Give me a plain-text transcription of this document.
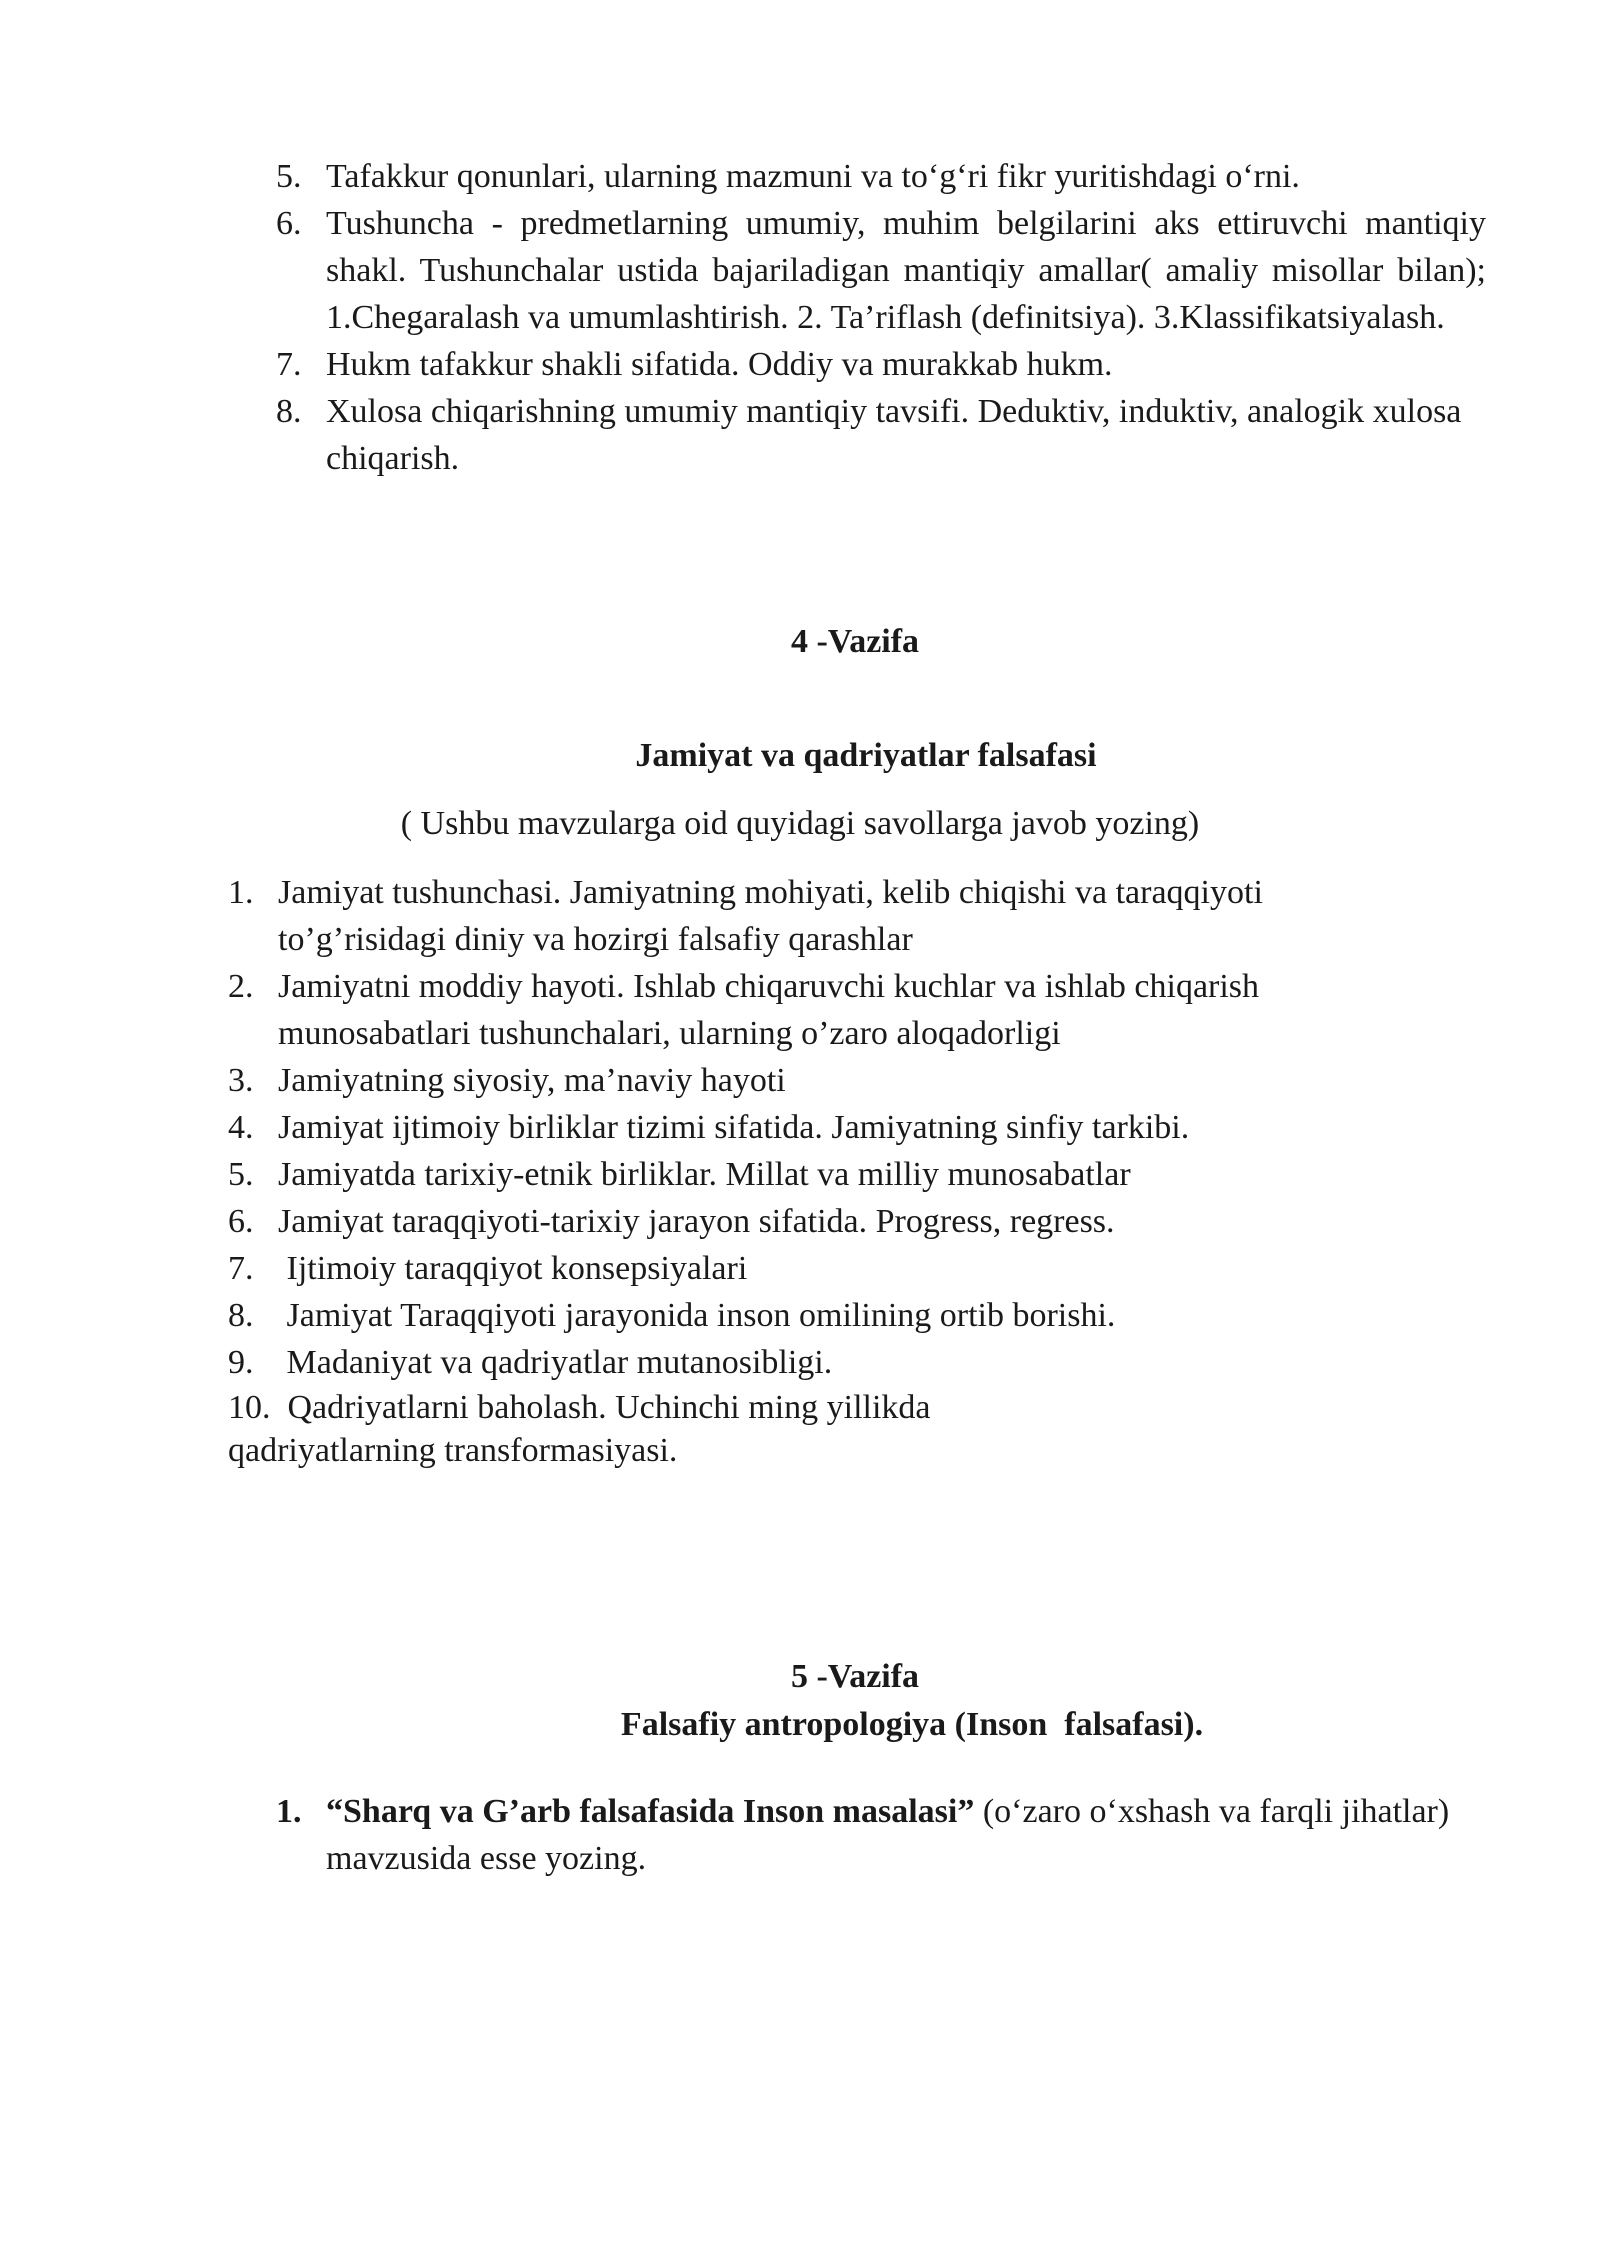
5. Tafakkur qonunlari, ularning mazmuni va to‘g‘ri fikr yuritishdagi o‘rni.
6. Tushuncha - predmetlarning umumiy, muhim belgilarini aks ettiruvchi mantiqiy shakl. Tushunchalar ustida bajariladigan mantiqiy amallar( amaliy misollar bilan); 1.Chegaralash va umumlashtirish. 2. Ta’riflash (definitsiya). 3.Klassifikatsiyalash.
7. Hukm tafakkur shakli sifatida. Oddiy va murakkab hukm.
8. Xulosa chiqarishning umumiy mantiqiy tavsifi. Deduktiv, induktiv, analogik xulosa chiqarish.

4 -Vazifa

Jamiyat va qadriyatlar falsafasi

( Ushbu mavzularga oid quyidagi savollarga javob yozing)

1. Jamiyat tushunchasi. Jamiyatning mohiyati, kelib chiqishi va taraqqiyoti to’g’risidagi diniy va hozirgi falsafiy qarashlar
2. Jamiyatni moddiy hayoti. Ishlab chiqaruvchi kuchlar va ishlab chiqarish munosabatlari tushunchalari, ularning o’zaro aloqadorligi
3. Jamiyatning siyosiy, ma’naviy hayoti
4. Jamiyat ijtimoiy birliklar tizimi sifatida. Jamiyatning sinfiy tarkibi.
5. Jamiyatda tarixiy-etnik birliklar. Millat va milliy munosabatlar
6. Jamiyat taraqqiyoti-tarixiy jarayon sifatida. Progress, regress.
7. Ijtimoiy taraqqiyot konsepsiyalari
8. Jamiyat Taraqqiyoti jarayonida inson omilining ortib borishi.
9. Madaniyat va qadriyatlar mutanosibligi.
10.  Qadriyatlarni baholash. Uchinchi ming yillikda
qadriyatlarning transformasiyasi.

5 -Vazifa

Falsafiy antropologiya (Inson  falsafasi).

1. “Sharq va G’arb falsafasida Inson masalasi” (o‘zaro o‘xshash va farqli jihatlar) mavzusida esse yozing.
